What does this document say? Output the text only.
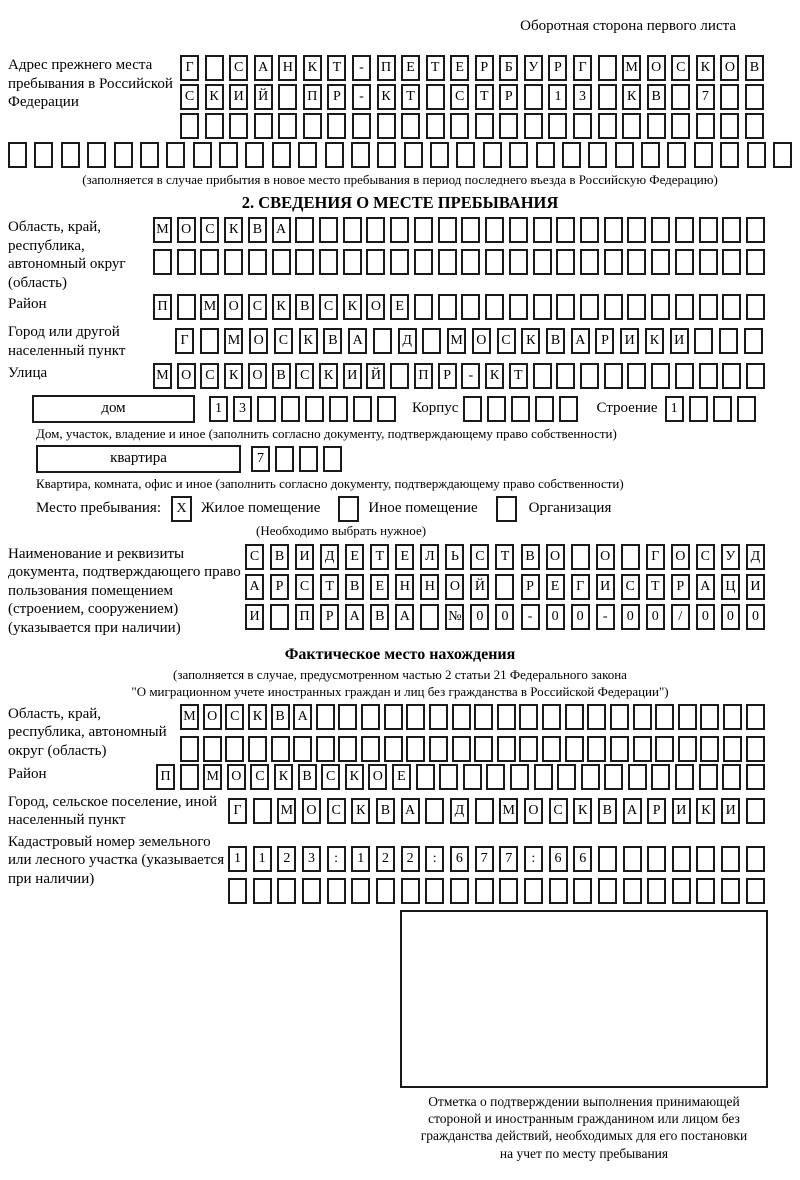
Оборотная сторона первого листа
Адрес прежнего места пребывания в Российской Федерации
Г	С	А	Н	К	Т	-	П	Е	Т	Е	Р	Б	У	Р	Г	М О	С	К	О	В
С	К	И	Й	П	Р	-	К	Т	С	Т	Р	1	3	К	В	7
(заполняется в случае прибытия в новое место пребывания в период последнего въезда в Российскую Федерацию)
2. СВЕДЕНИЯ О МЕСТЕ ПРЕБЫВАНИЯ
Область, край, республика, автономный округ (область)
М О С	К	В А
Район	П	М О С	К	В	С	К О	Е
Город или другой населенный пункт
Г	М О	С	К	В	А	Д	М О	С	К	В	А	Р	И	К	И
Улица	М О С	К О В	С	К И Й	П	Р	-	К	Т
дом	1	3	Корпус	Строение 1
Дом, участок, владение и иное (заполнить согласно документу, подтверждающему право собственности)
квартира	7
Квартира, комната, офис и иное (заполнить согласно документу, подтверждающему право собственности)
Место пребывания:	X Жилое помещение	Иное помещение	Организация
(Необходимо выбрать нужное)
Наименование и реквизиты документа, подтверждающего право пользования помещением (строением, сооружением) (указывается при наличии)
С	В	И	Д	Е	Т	Е	Л	Ь	С	Т	В	О	О	Г	О	С	У	Д
А	Р	С	Т	В	Е	Н	Н	О	Й	Р	Е	Г	И	С	Т	Р	А	Ц	И
И	П	Р	А	В	А	№	0	0	-	0	0	-	0	0	/	0	0	0
Фактическое место нахождения
(заполняется в случае, предусмотренном частью 2 статьи 21 Федерального закона
"О миграционном учете иностранных граждан и лиц без гражданства в Российской Федерации")
Область, край, республика, автономный округ (область)
М О С К В А
Район	П	М О С	К	В	С	К О	Е
Город, сельское поселение, иной населенный пункт
Г	М О	С	К	В	А	Д	М О	С	К	В	А	Р	И	К	И
Кадастровый номер земельного или лесного участка (указывается при наличии)
1	1	2	3	:	1	2	2	:	6	7	7	:	6	6
Отметка о подтверждении выполнения принимающей
стороной и иностранным гражданином или лицом без
гражданства действий, необходимых для его постановки
на учет по месту пребывания
